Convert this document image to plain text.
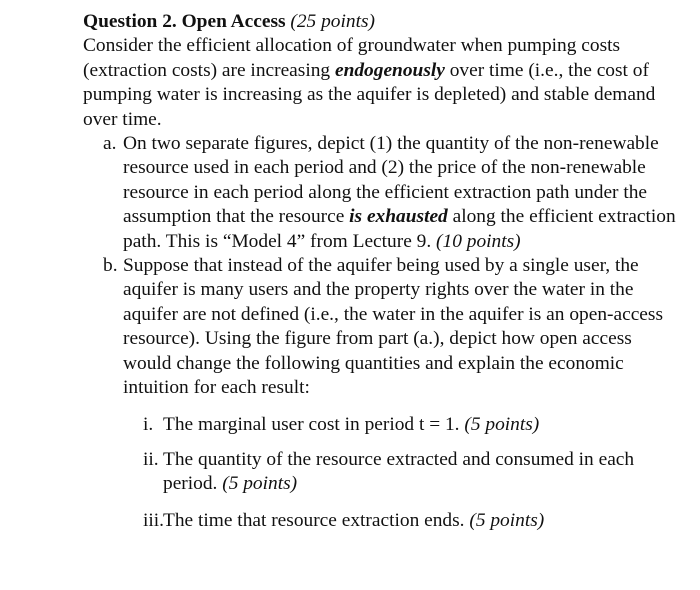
Question 2. Open Access (25 points)

Consider the efficient allocation of groundwater when pumping costs (extraction costs) are increasing endogenously over time (i.e., the cost of pumping water is increasing as the aquifer is depleted) and stable demand over time.

a. On two separate figures, depict (1) the quantity of the non-renewable resource used in each period and (2) the price of the non-renewable resource in each period along the efficient extraction path under the assumption that the resource is exhausted along the efficient extraction path. This is “Model 4” from Lecture 9. (10 points)
b. Suppose that instead of the aquifer being used by a single user, the aquifer is many users and the property rights over the water in the aquifer are not defined (i.e., the water in the aquifer is an open-access resource). Using the figure from part (a.), depict how open access would change the following quantities and explain the economic intuition for each result:
i. The marginal user cost in period t = 1. (5 points)
ii. The quantity of the resource extracted and consumed in each period. (5 points)
iii.
The time that resource extraction ends. (5 points)
